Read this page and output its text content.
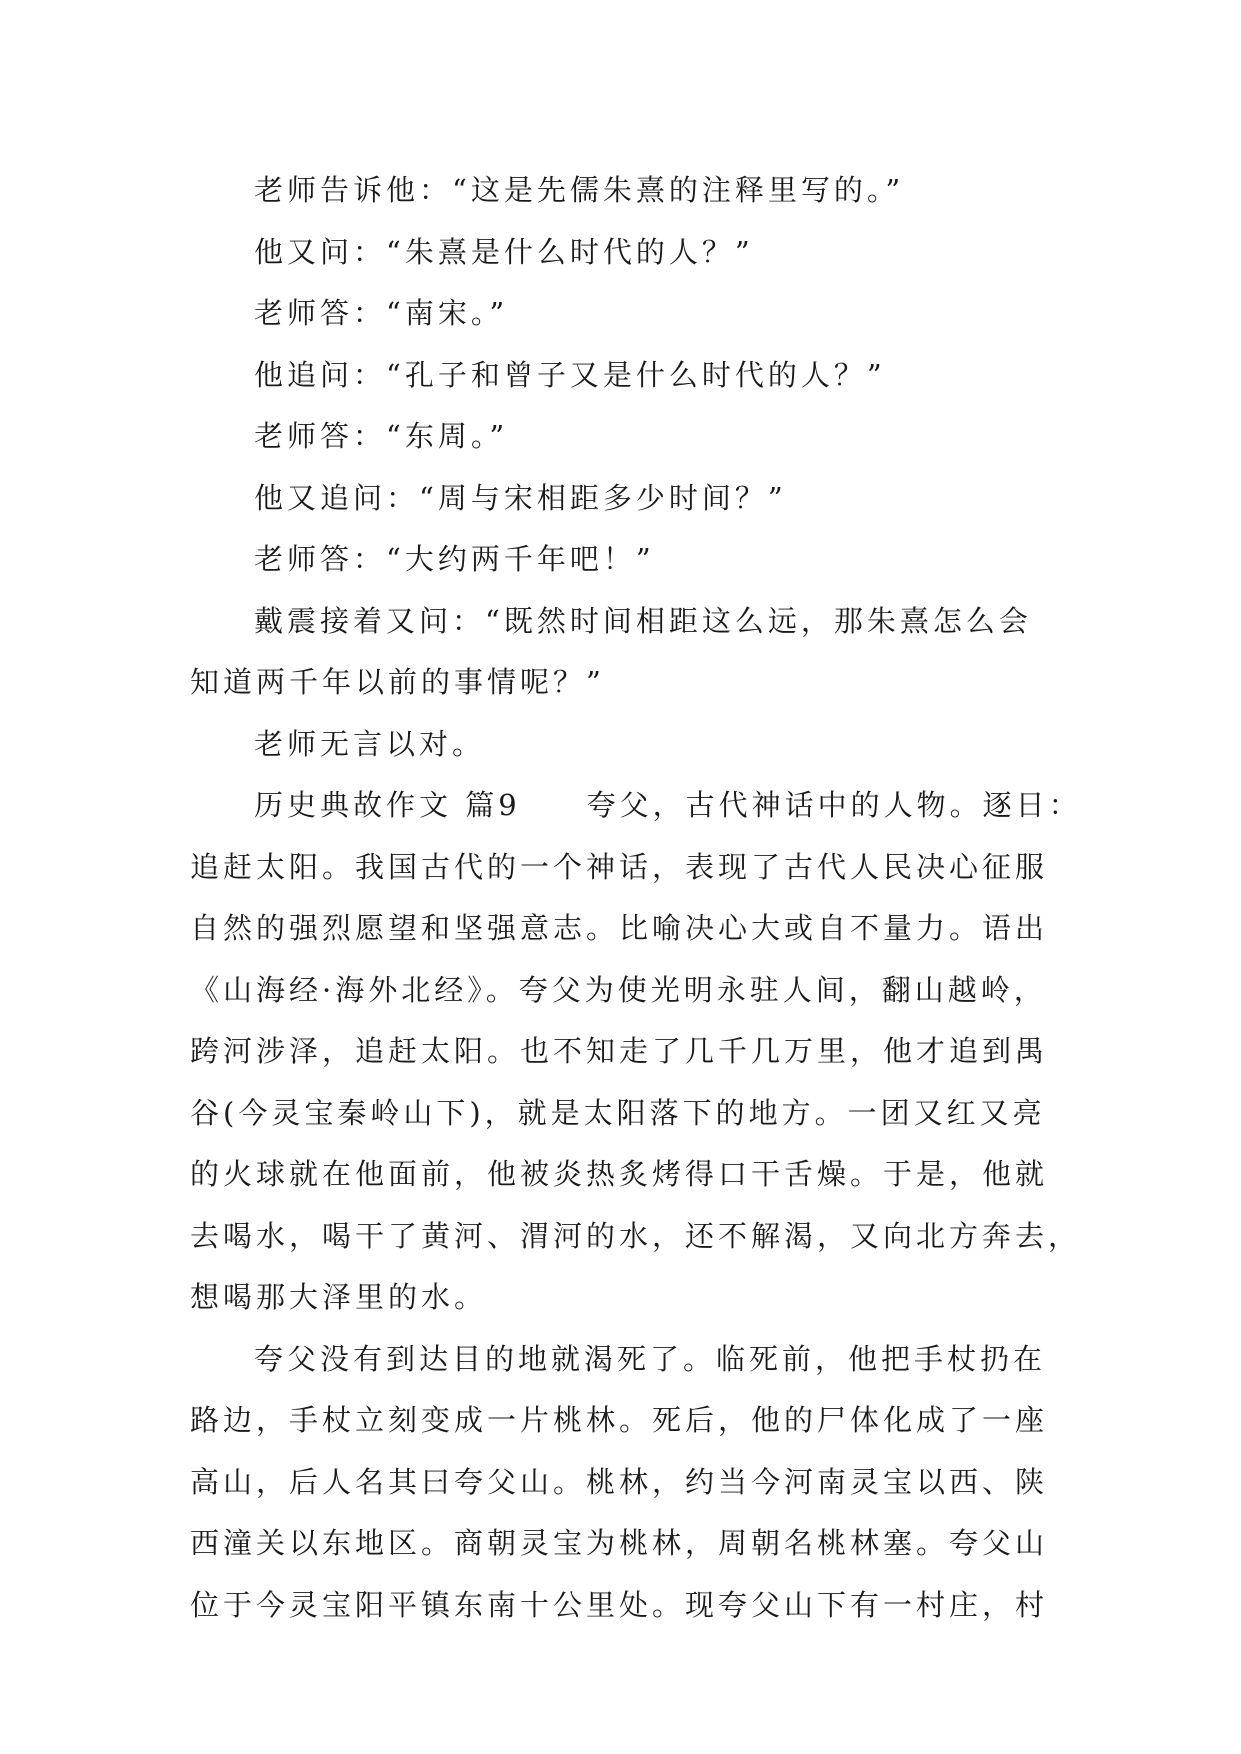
老师告诉他：“这是先儒朱熹的注释里写的。”
他又问：“朱熹是什么时代的人？”
老师答：“南宋。”
他追问：“孔子和曾子又是什么时代的人？”
老师答：“东周。”
他又追问：“周与宋相距多少时间？”
老师答：“大约两千年吧！”
戴震接着又问：“既然时间相距这么远，那朱熹怎么会
知道两千年以前的事情呢？”
老师无言以对。
历史典故作文 篇9　　夸父，古代神话中的人物。逐日：
追赶太阳。我国古代的一个神话，表现了古代人民决心征服
自然的强烈愿望和坚强意志。比喻决心大或自不量力。语出
《山海经·海外北经》。夸父为使光明永驻人间，翻山越岭，
跨河涉泽，追赶太阳。也不知走了几千几万里，他才追到禺
谷(今灵宝秦岭山下)，就是太阳落下的地方。一团又红又亮
的火球就在他面前，他被炎热炙烤得口干舌燥。于是，他就
去喝水，喝干了黄河、渭河的水，还不解渴，又向北方奔去，
想喝那大泽里的水。
夸父没有到达目的地就渴死了。临死前，他把手杖扔在
路边，手杖立刻变成一片桃林。死后，他的尸体化成了一座
高山，后人名其曰夸父山。桃林，约当今河南灵宝以西、陕
西潼关以东地区。商朝灵宝为桃林，周朝名桃林塞。夸父山
位于今灵宝阳平镇东南十公里处。现夸父山下有一村庄，村
